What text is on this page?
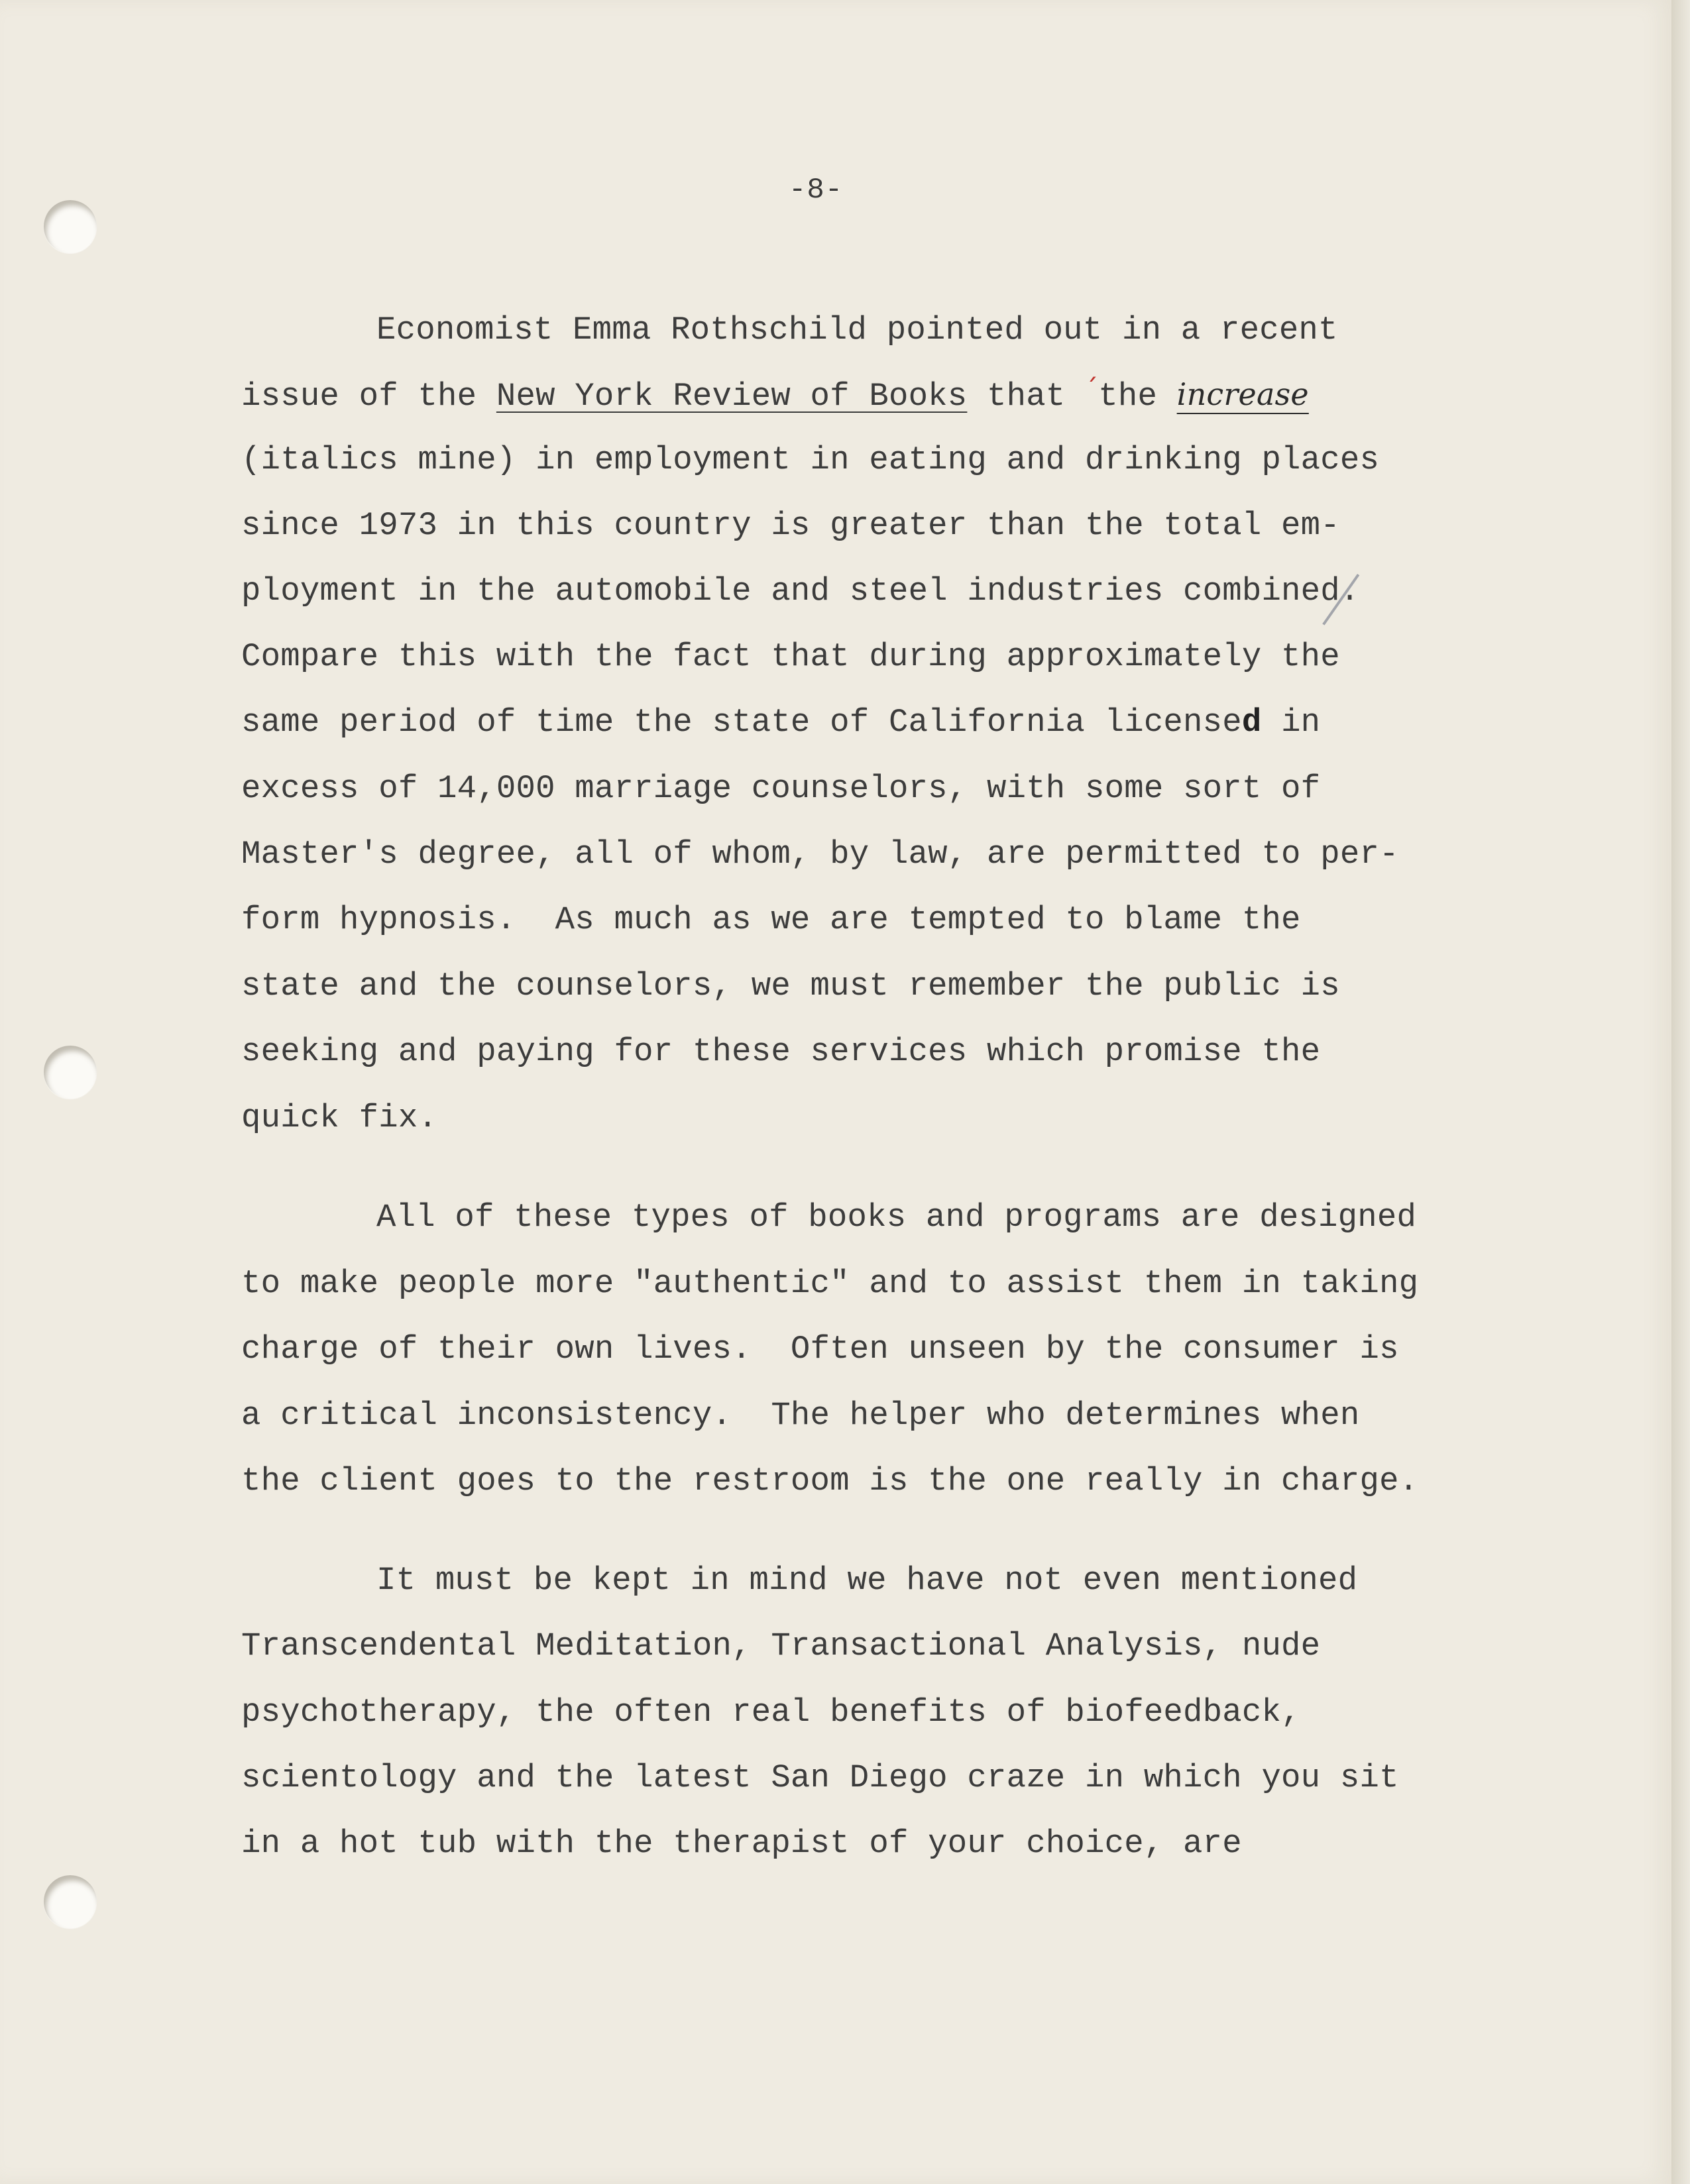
-8-
Economist Emma Rothschild pointed out in a recent
issue of the New York Review of Books that $^ˊ$the increase
(italics mine) in employment in eating and drinking places
since 1973 in this country is greater than the total em-
ployment in the automobile and steel industries combined.
Compare this with the fact that during approximately the
same period of time the state of California licensed in
excess of 14,000 marriage counselors, with some sort of
Master's degree, all of whom, by law, are permitted to per-
form hypnosis.  As much as we are tempted to blame the
state and the counselors, we must remember the public is
seeking and paying for these services which promise the
quick fix.
All of these types of books and programs are designed
to make people more "authentic" and to assist them in taking
charge of their own lives.  Often unseen by the consumer is
a critical inconsistency.  The helper who determines when
the client goes to the restroom is the one really in charge.
It must be kept in mind we have not even mentioned
Transcendental Meditation, Transactional Analysis, nude
psychotherapy, the often real benefits of biofeedback,
scientology and the latest San Diego craze in which you sit
in a hot tub with the therapist of your choice, are
